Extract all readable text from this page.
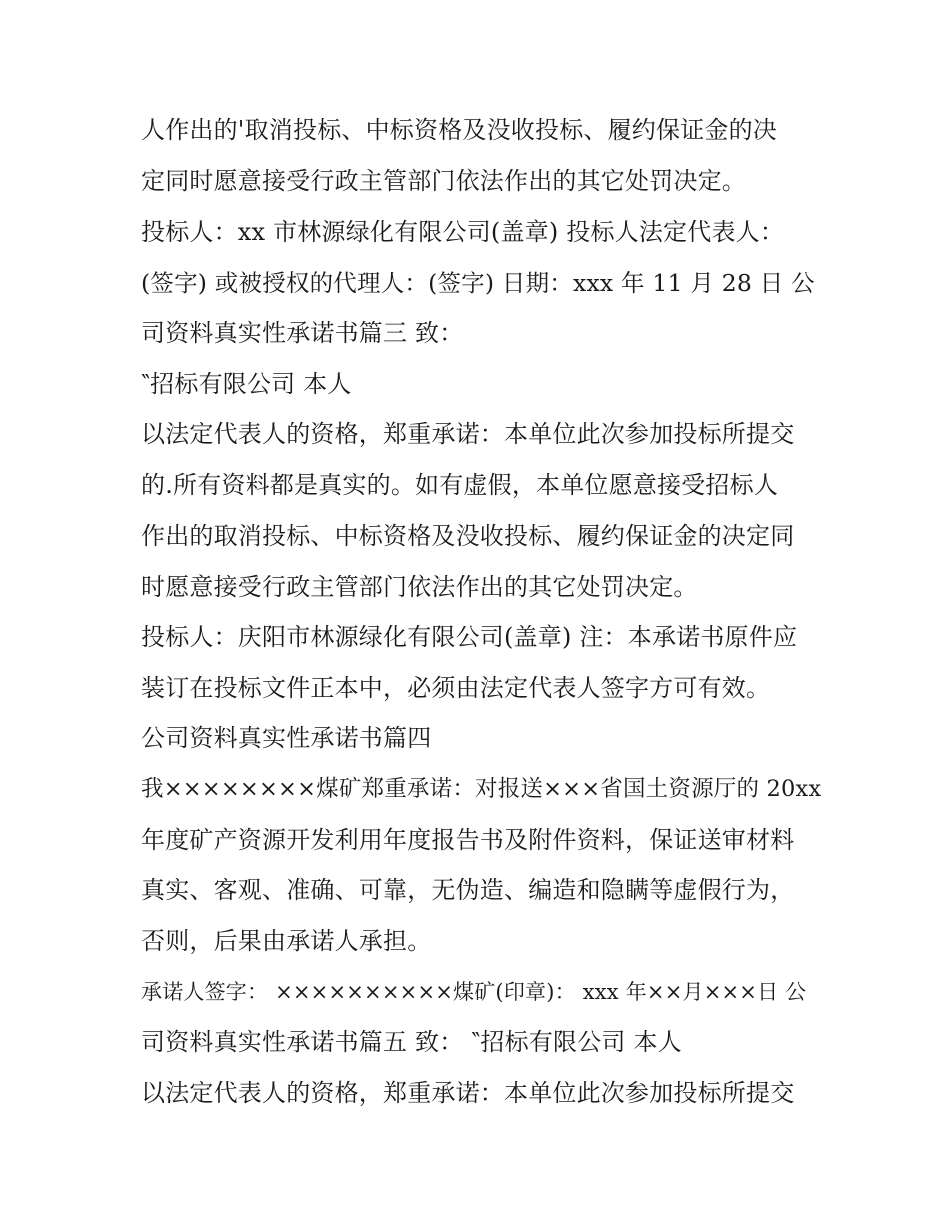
人作出的'取消投标、中标资格及没收投标、履约保证金的决
定同时愿意接受行政主管部门依法作出的其它处罚决定。
投标人：xx 市林源绿化有限公司(盖章) 投标人法定代表人：
(签字) 或被授权的代理人：(签字) 日期：xxx 年 11 月 28 日 公
司资料真实性承诺书篇三 致：
‶招标有限公司 本人
以法定代表人的资格，郑重承诺：本单位此次参加投标所提交
的.所有资料都是真实的。如有虚假，本单位愿意接受招标人
作出的取消投标、中标资格及没收投标、履约保证金的决定同
时愿意接受行政主管部门依法作出的其它处罚决定。
投标人：庆阳市林源绿化有限公司(盖章) 注：本承诺书原件应
装订在投标文件正本中，必须由法定代表人签字方可有效。
公司资料真实性承诺书篇四
我××××××××煤矿郑重承诺：对报送×××省国土资源厅的 20xx
年度矿产资源开发利用年度报告书及附件资料，保证送审材料
真实、客观、准确、可靠，无伪造、编造和隐瞒等虚假行为，
否则，后果由承诺人承担。
承诺人签字： ××××××××××煤矿(印章)： xxx 年××月×××日 公
司资料真实性承诺书篇五 致： ‶招标有限公司 本人
以法定代表人的资格，郑重承诺：本单位此次参加投标所提交
